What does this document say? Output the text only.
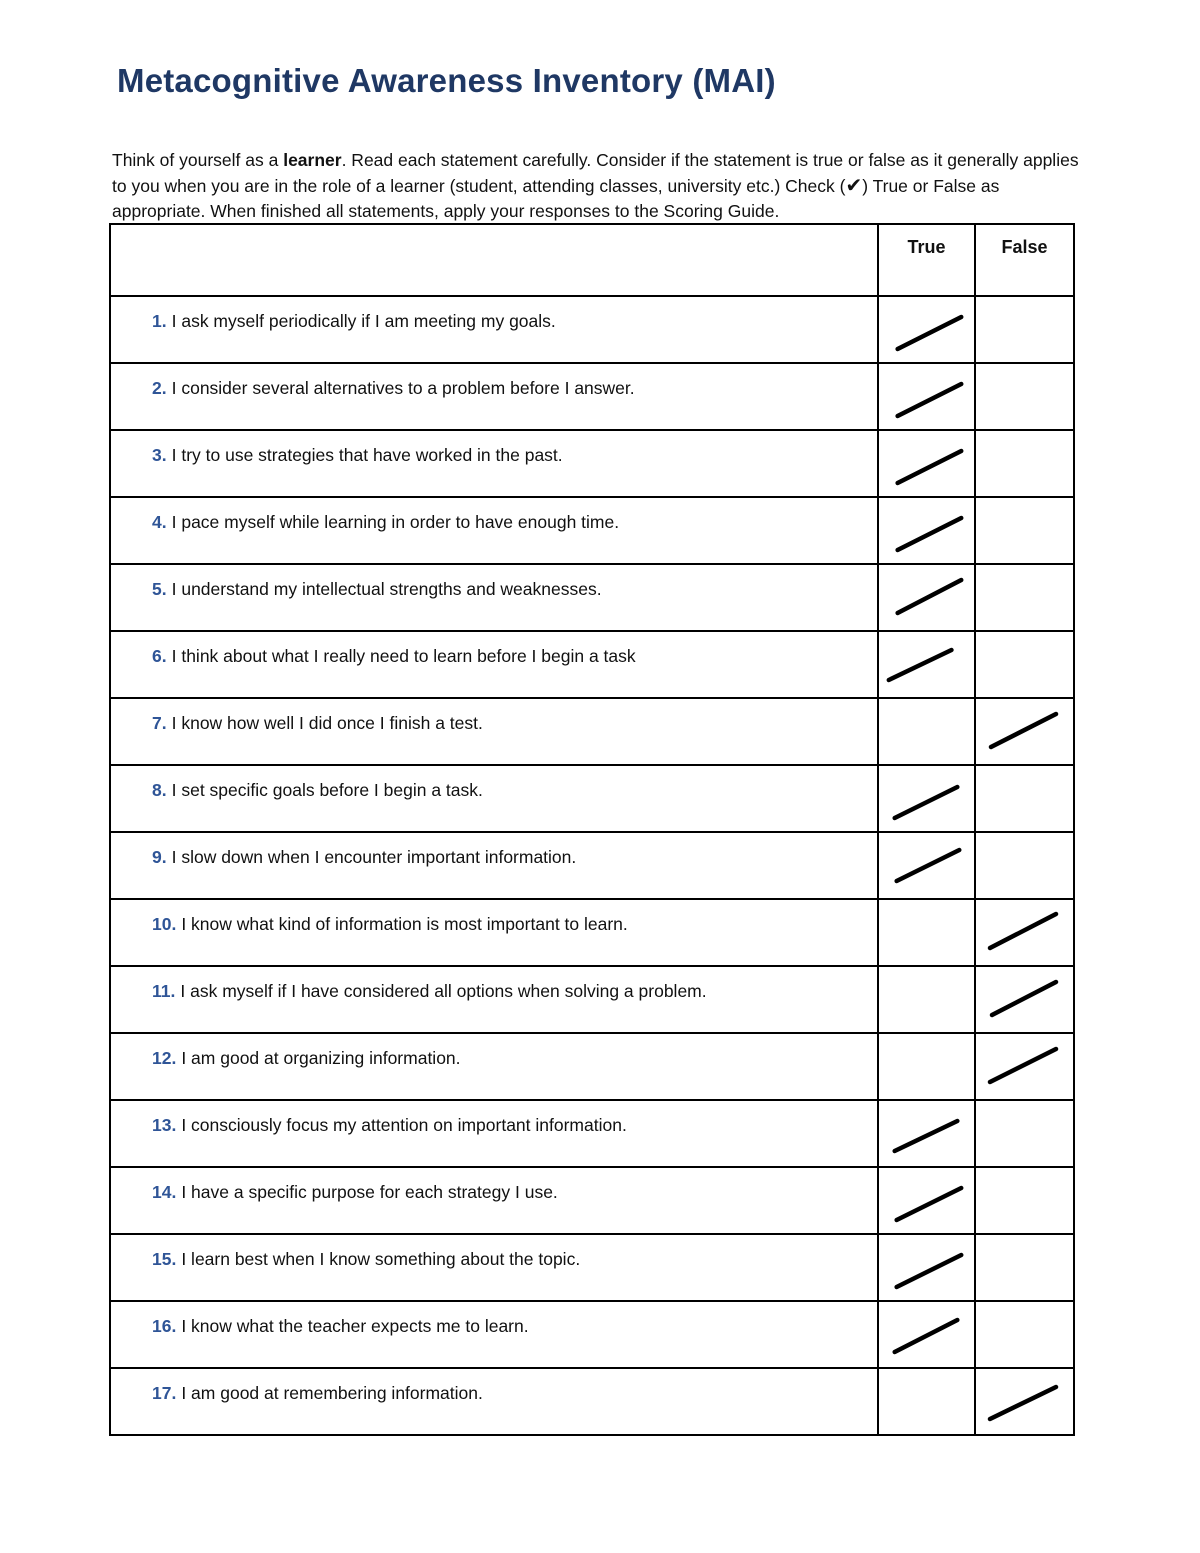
Metacognitive Awareness Inventory (MAI)
Think of yourself as a learner. Read each statement carefully. Consider if the statement is true or false as it generally applies to you when you are in the role of a learner (student, attending classes, university etc.) Check (✔) True or False as appropriate. When finished all statements, apply your responses to the Scoring Guide.
	True	False

1. I ask myself periodically if I am meeting my goals.

2. I consider several alternatives to a problem before I answer.

3. I try to use strategies that have worked in the past.

4. I pace myself while learning in order to have enough time.

5. I understand my intellectual strengths and weaknesses.

6. I think about what I really need to learn before I begin a task

7. I know how well I did once I finish a test.

8. I set specific goals before I begin a task.

9. I slow down when I encounter important information.

10. I know what kind of information is most important to learn.

11. I ask myself if I have considered all options when solving a problem.

12. I am good at organizing information.

13. I consciously focus my attention on important information.

14. I have a specific purpose for each strategy I use.

15. I learn best when I know something about the topic.

16. I know what the teacher expects me to learn.

17. I am good at remembering information.
